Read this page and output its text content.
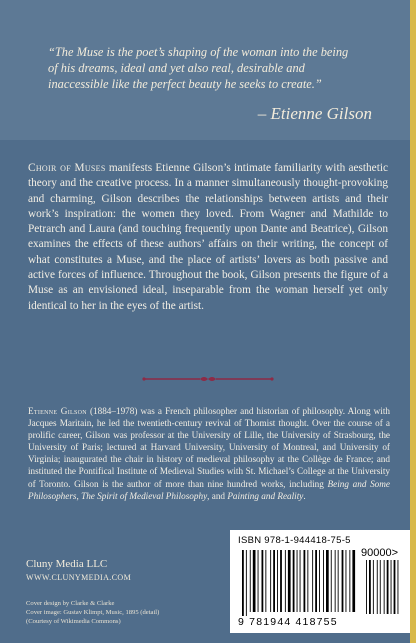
“The Muse is the poet’s shaping of the woman into the being
of his dreams, ideal and yet also real, desirable and
inaccessible like the perfect beauty he seeks to create.”
– Etienne Gilson
Choir of Muses manifests Etienne Gilson’s intimate familiarity with aesthetic theory and the creative process. In a manner simultaneously thought-provoking and charming, Gilson describes the relationships between artists and their work’s inspiration: the women they loved. From Wagner and Mathilde to Petrarch and Laura (and touching frequently upon Dante and Beatrice), Gilson examines the effects of these authors’ affairs on their writing, the concept of what constitutes a Muse, and the place of artists’ lovers as both passive and active forces of influence. Throughout the book, Gilson presents the figure of a Muse as an envisioned ideal, inseparable from the woman herself yet only identical to her in the eyes of the artist.
Etienne Gilson (1884–1978) was a French philosopher and historian of philosophy. Along with Jacques Maritain, he led the twentieth-century revival of Thomist thought. Over the course of a prolific career, Gilson was professor at the University of Lille, the University of Strasbourg, the University of Paris; lectured at Harvard University, University of Montreal, and University of Virginia; inaugurated the chair in history of medieval philosophy at the Collège de France; and instituted the Pontifical Institute of Medieval Studies with St. Michael’s College at the University of Toronto. Gilson is the author of more than nine hundred works, including Being and Some Philosophers, The Spirit of Medieval Philosophy, and Painting and Reality.
Cluny Media LLC
WWW.CLUNYMEDIA.COM
Cover design by Clarke & Clarke
Cover image: Gustav Klimpt, Music, 1895 (detail)
(Courtesy of Wikimedia Commons)
ISBN 978-1-944418-75-5
90000>
9 781944 418755
